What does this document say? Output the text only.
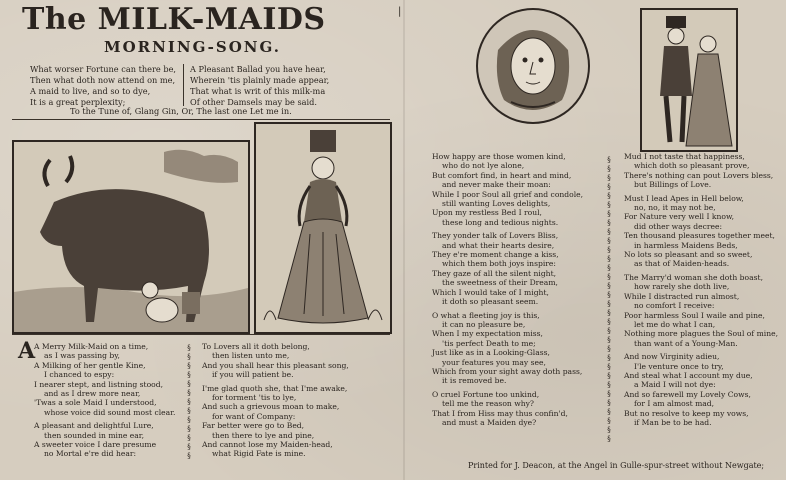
|
The MILK-MAIDS
MORNING-SONG.
What worser Fortune can there be,
Then what doth now attend on me,
A maid to live, and so to dye,
It is a great perplexity;
A Pleasant Ballad you have hear,
Wherein 'tis plainly made appear,
That what is writ of this milk-ma
Of other Damsels may be said.
To the Tune of, Glang Gin, Or, The last one Let me in.
A
A Merry Milk-Maid on a time,
as I was passing by,
A Milking of her gentle Kine,
I chanced to espy:
I nearer stept, and listning stood,
and as I drew more near,
'Twas a sole Maid I understood,
whose voice did sound most clear.
A pleasant and delightful Lure,
then sounded in mine ear,
A sweeter voice I dare presume
no Mortal e're did hear:
§
§
§
§
§
§
§
§
§
§
§
§
§
To Lovers all it doth belong,
then listen unto me,
And you shall hear this pleasant song,
if you will patient be.
I'me glad quoth she, that I'me awake,
for torment 'tis to lye,
And such a grievous moan to make,
for want of Company:
Far better were go to Bed,
then there to lye and pine,
And cannot lose my Maiden-head,
what Rigid Fate is mine.
How happy are those women kind,
who do not lye alone,
But comfort find, in heart and mind,
and never make their moan:
While I poor Soul all grief and condole,
still wanting Loves delights,
Upon my restless Bed I roul,
these long and tedious nights.
They yonder talk of Lovers Bliss,
and what their hearts desire,
They e're moment change a kiss,
which them both joys inspire:
They gaze of all the silent night,
the sweetness of their Dream,
Which I would take of I might,
it doth so pleasant seem.
O what a fleeting joy is this,
it can no pleasure be,
When I my expectation miss,
'tis perfect Death to me;
Just like as in a Looking-Glass,
your features you may see,
Which from your sight away doth pass,
it is removed be.
O cruel Fortune too unkind,
tell me the reason why?
That I from Hiss may thus confin'd,
and must a Maiden dye?
§
§
§
§
§
§
§
§
§
§
§
§
§
§
§
§
§
§
§
§
§
§
§
§
§
§
§
§
§
§
§
§
Mud I not taste that happiness,
which doth so pleasant prove,
There's nothing can pout Lovers bless,
but Billings of Love.
Must I lead Apes in Hell below,
no, no, it may not be,
For Nature very well I know,
did other ways decree:
Ten thousand pleasures together meet,
in harmless Maidens Beds,
No lots so pleasant and so sweet,
as that of Maiden-heads.
The Marry'd woman she doth boast,
how rarely she doth live,
While I distracted run almost,
no comfort I receive:
Poor harmless Soul I waile and pine,
let me do what I can,
Nothing more plagues the Soul of mine,
than want of a Young-Man.
And now Virginity adieu,
I'le venture once to try,
And steal what I account my due,
a Maid I will not dye:
And so farewell my Lovely Cows,
for I am almost mad,
But no resolve to keep my vows,
if Man be to be had.
Printed for J. Deacon, at the Angel in Gulle-spur-street without Newgate;
